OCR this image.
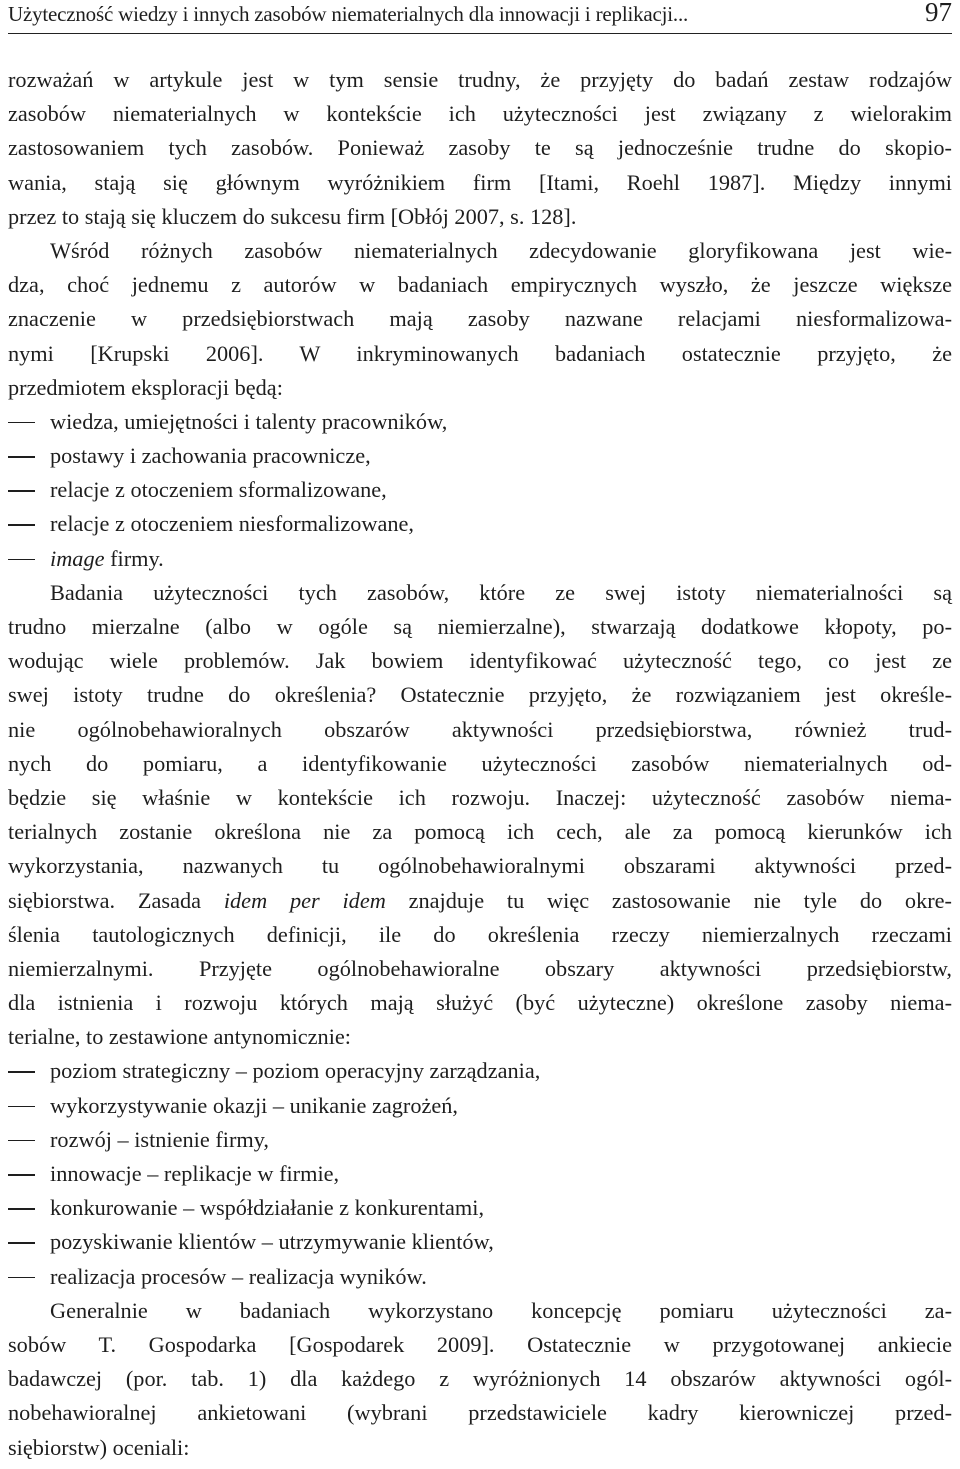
Użyteczność wiedzy i innych zasobów niematerialnych dla innowacji i replikacji...	97
rozważań w artykule jest w tym sensie trudny, że przyjęty do badań zestaw rodzajów
zasobów niematerialnych w kontekście ich użyteczności jest związany z wielorakim
zastosowaniem tych zasobów. Ponieważ zasoby te są jednocześnie trudne do skopio-
wania, stają się głównym wyróżnikiem firm [Itami, Roehl 1987]. Między innymi
przez to stają się kluczem do sukcesu firm [Obłój 2007, s. 128].
Wśród różnych zasobów niematerialnych zdecydowanie gloryfikowana jest wie-
dza, choć jednemu z autorów w badaniach empirycznych wyszło, że jeszcze większe
znaczenie w przedsiębiorstwach mają zasoby nazwane relacjami niesformalizowa-
nymi [Krupski 2006]. W inkryminowanych badaniach ostatecznie przyjęto, że
przedmiotem eksploracji będą:
wiedza, umiejętności i talenty pracowników,
postawy i zachowania pracownicze,
relacje z otoczeniem sformalizowane,
relacje z otoczeniem niesformalizowane,
image firmy.
Badania użyteczności tych zasobów, które ze swej istoty niematerialności są
trudno mierzalne (albo w ogóle są niemierzalne), stwarzają dodatkowe kłopoty, po-
wodując wiele problemów. Jak bowiem identyfikować użyteczność tego, co jest ze
swej istoty trudne do określenia? Ostatecznie przyjęto, że rozwiązaniem jest określe-
nie ogólnobehawioralnych obszarów aktywności przedsiębiorstwa, również trud-
nych do pomiaru, a identyfikowanie użyteczności zasobów niematerialnych od-
będzie się właśnie w kontekście ich rozwoju. Inaczej: użyteczność zasobów niema-
terialnych zostanie określona nie za pomocą ich cech, ale za pomocą kierunków ich
wykorzystania, nazwanych tu ogólnobehawioralnymi obszarami aktywności przed-
siębiorstwa. Zasada idem per idem znajduje tu więc zastosowanie nie tyle do okre-
ślenia tautologicznych definicji, ile do określenia rzeczy niemierzalnych rzeczami
niemierzalnymi. Przyjęte ogólnobehawioralne obszary aktywności przedsiębiorstw,
dla istnienia i rozwoju których mają służyć (być użyteczne) określone zasoby niema-
terialne, to zestawione antynomicznie:
poziom strategiczny – poziom operacyjny zarządzania,
wykorzystywanie okazji – unikanie zagrożeń,
rozwój – istnienie firmy,
innowacje – replikacje w firmie,
konkurowanie – współdziałanie z konkurentami,
pozyskiwanie klientów – utrzymywanie klientów,
realizacja procesów – realizacja wyników.
Generalnie w badaniach wykorzystano koncepcję pomiaru użyteczności za-
sobów T. Gospodarka [Gospodarek 2009]. Ostatecznie w przygotowanej ankiecie
badawczej (por. tab. 1) dla każdego z wyróżnionych 14 obszarów aktywności ogól-
nobehawioralnej ankietowani (wybrani przedstawiciele kadry kierowniczej przed-
siębiorstw) oceniali:
